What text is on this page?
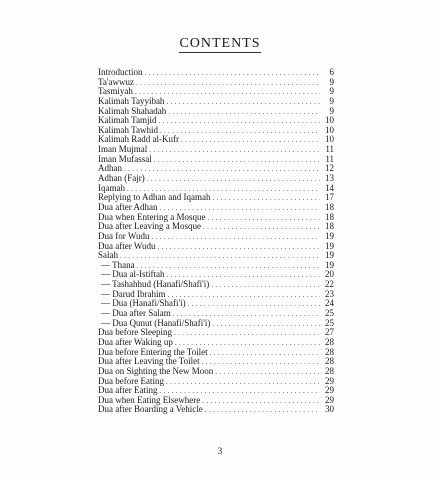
CONTENTS
Introduction . . .	6
Ta'awwuz . . .	9
Tasmiyah . . .	9
Kalimah Tayyibah . . .	9
Kalimah Shahadah . . .	9
Kalimah Tamjid . . .	10
Kalimah Tawhid . . .	10
Kalimah Radd al-Kufr . . .	10
Iman Mujmal . . .	11
Iman Mufassal . . .	11
Adhan . . .	12
Adhan (Fajr) . . .	13
Iqamah . . .	14
Replying to Adhan and Iqamah . . .	17
Dua after Adhan . . .	18
Dua when Entering a Mosque . . .	18
Dua after Leaving a Mosque . . .	18
Dua for Wudu . . .	19
Dua after Wudu . . .	19
Salah . . .	19
— Thana . . .	19
— Dua al-Istiftah . . .	20
— Tashahhud (Hanafi/Shafi'i) . . .	22
— Darud Ibrahim . . .	23
— Dua (Hanafi/Shafi'i) . . .	24
— Dua after Salam . . .	25
— Dua Qunut (Hanafi/Shafi'i) . . .	25
Dua before Sleeping . . .	27
Dua after Waking up . . .	28
Dua before Entering the Toilet . . .	28
Dua after Leaving the Toilet . . .	28
Dua on Sighting the New Moon . . .	28
Dua before Eating . . .	29
Dua after Eating . . .	29
Dua when Eating Elsewhere . . .	29
Dua after Boarding a Vehicle . . .	30
3
